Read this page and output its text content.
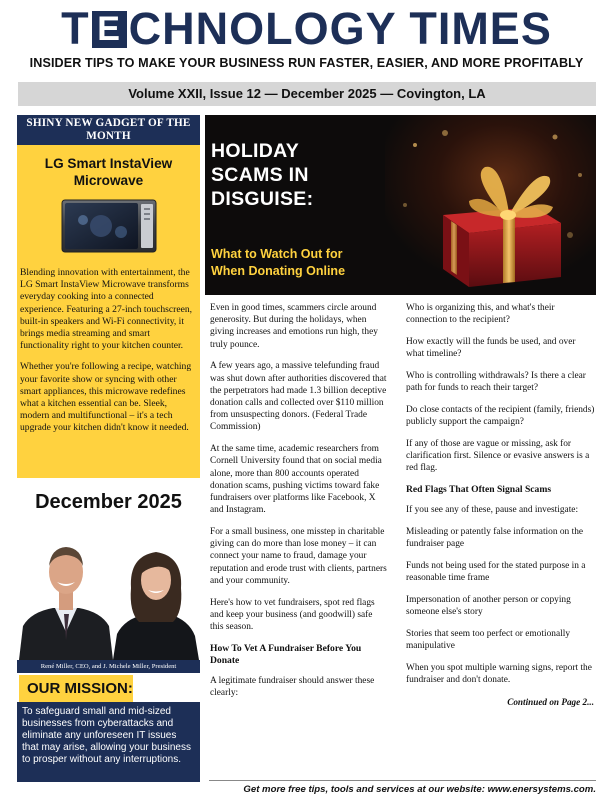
T E CHNOLOGY TIMES
INSIDER TIPS TO MAKE YOUR BUSINESS RUN FASTER, EASIER, AND MORE PROFITABLY
Volume XXII, Issue 12 — December 2025 — Covington, LA
SHINY NEW GADGET OF THE MONTH
LG Smart InstaView Microwave

Blending innovation with entertainment, the LG Smart InstaView Microwave transforms everyday cooking into a connected experience. Featuring a 27-inch touchscreen, built-in speakers and Wi-Fi connectivity, it brings media streaming and smart functionality right to your kitchen counter.

Whether you're following a recipe, watching your favorite show or syncing with other smart appliances, this microwave redefines what a kitchen essential can be. Sleek, modern and multifunctional – it's a tech upgrade your kitchen didn't know it needed.

December 2025
René Miller, CEO, and J. Michele Miller, President
OUR MISSION:
To safeguard small and mid-sized businesses from cyberattacks and eliminate any unforeseen IT issues that may arise, allowing your business to prosper without any interruptions.
HOLIDAY
SCAMS IN
DISGUISE:
What to Watch Out for
When Donating Online

Even in good times, scammers circle around generosity. But during the holidays, when giving increases and emotions run high, they truly pounce.

A few years ago, a massive telefunding fraud was shut down after authorities discovered that the perpetrators had made 1.3 billion deceptive donation calls and collected over $110 million from unsuspecting donors. (Federal Trade Commission)

At the same time, academic researchers from Cornell University found that on social media alone, more than 800 accounts operated donation scams, pushing victims toward fake fundraisers over platforms like Facebook, X and Instagram.

For a small business, one misstep in charitable giving can do more than lose money – it can connect your name to fraud, damage your reputation and erode trust with clients, partners and your community.

Here's how to vet fundraisers, spot red flags and keep your business (and goodwill) safe this season.

How To Vet A Fundraiser Before You Donate

A legitimate fundraiser should answer these clearly:

Who is organizing this, and what's their connection to the recipient?

How exactly will the funds be used, and over what timeline?

Who is controlling withdrawals? Is there a clear path for funds to reach their target?

Do close contacts of the recipient (family, friends) publicly support the campaign?

If any of those are vague or missing, ask for clarification first. Silence or evasive answers is a red flag.

Red Flags That Often Signal Scams

If you see any of these, pause and investigate:

Misleading or patently false information on the fundraiser page

Funds not being used for the stated purpose in a reasonable time frame

Impersonation of another person or copying someone else's story

Stories that seem too perfect or emotionally manipulative

When you spot multiple warning signs, report the fundraiser and don't donate.

Continued on Page 2...
Get more free tips, tools and services at our website: www.enersystems.com.
